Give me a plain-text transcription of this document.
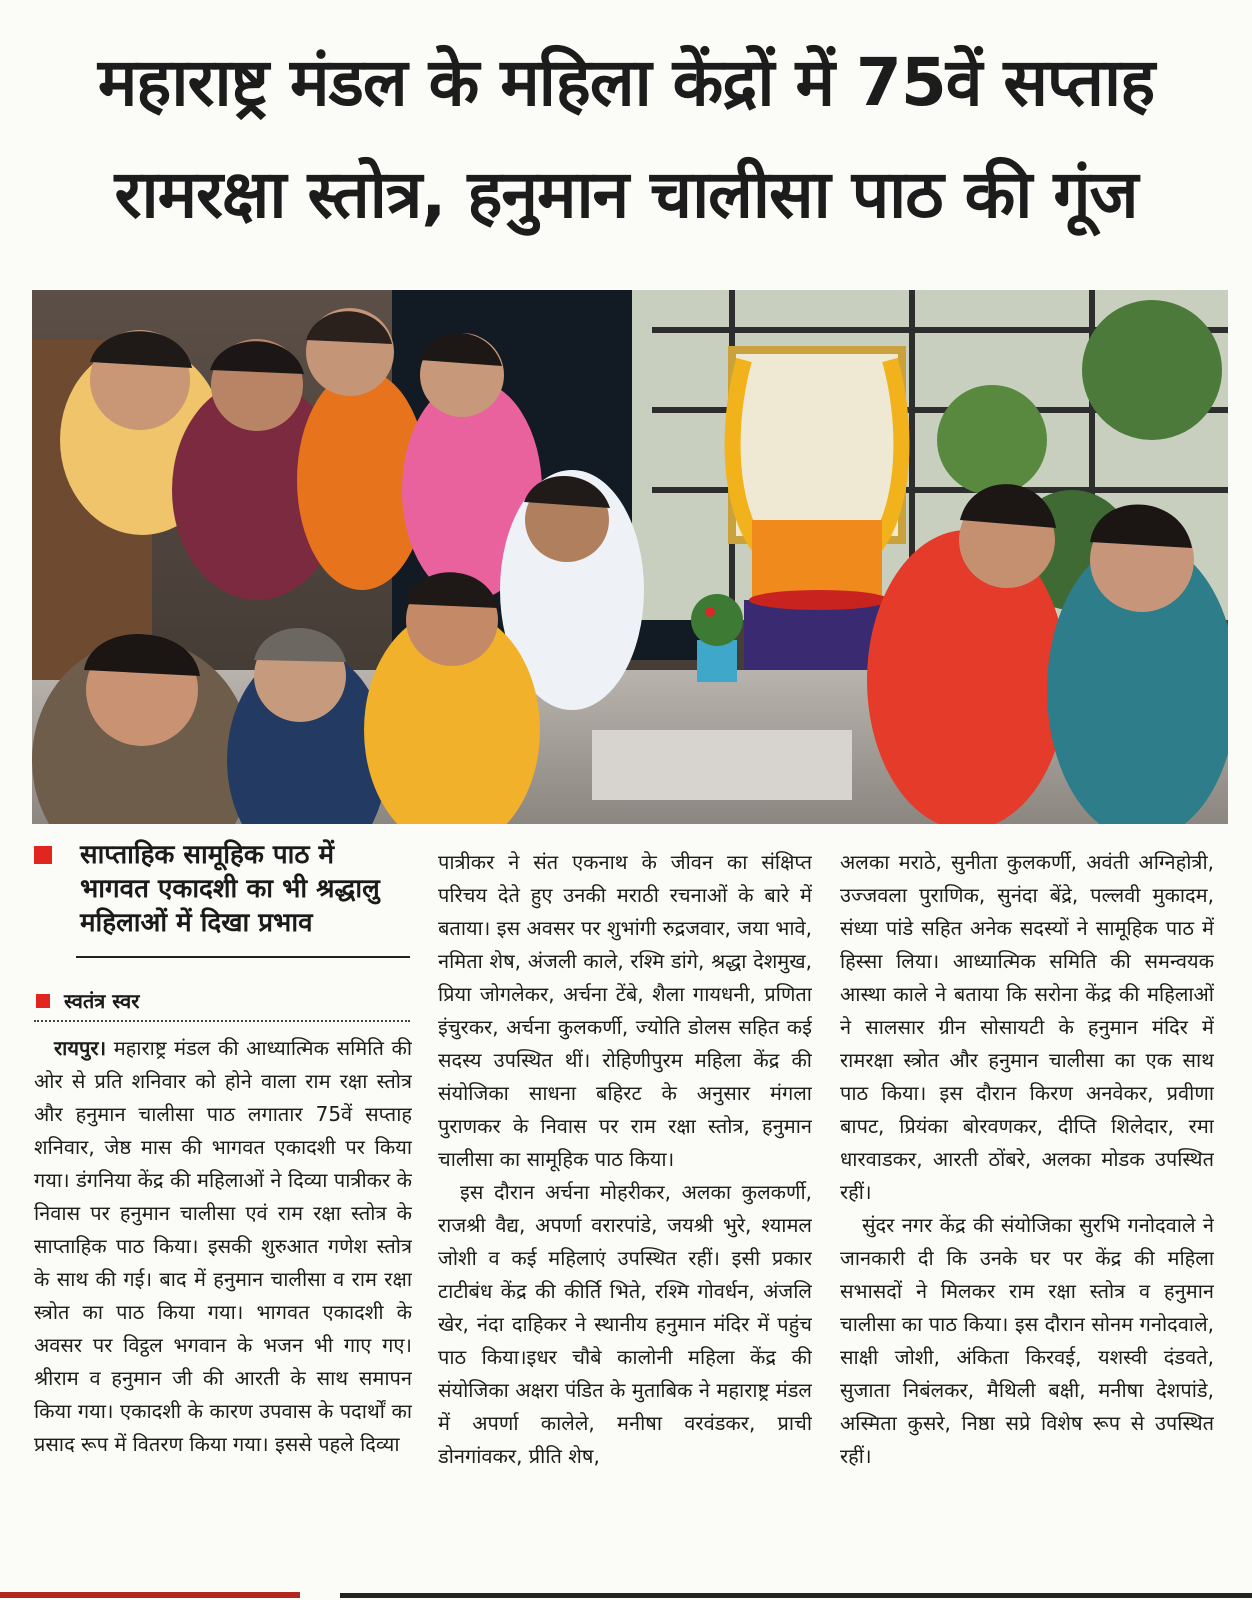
महाराष्ट्र मंडल के महिला केंद्रों में 75वें सप्ताह
रामरक्षा स्तोत्र, हनुमान चालीसा पाठ की गूंज
साप्ताहिक सामूहिक पाठ में भागवत एकादशी का भी श्रद्धालु महिलाओं में दिखा प्रभाव
स्वतंत्र स्वर

रायपुर। महाराष्ट्र मंडल की आध्यात्मिक समिति की ओर से प्रति शनिवार को होने वाला राम रक्षा स्तोत्र और हनुमान चालीसा पाठ लगातार 75वें सप्ताह शनिवार, जेष्ठ मास की भागवत एकादशी पर किया गया। डंगनिया केंद्र की महिलाओं ने दिव्या पात्रीकर के निवास पर हनुमान चालीसा एवं राम रक्षा स्तोत्र के साप्ताहिक पाठ किया। इसकी शुरुआत गणेश स्तोत्र के साथ की गई। बाद में हनुमान चालीसा व राम रक्षा स्त्रोत का पाठ किया गया। भागवत एकादशी के अवसर पर विट्ठल भगवान के भजन भी गाए गए। श्रीराम व हनुमान जी की आरती के साथ समापन किया गया। एकादशी के कारण उपवास के पदार्थों का प्रसाद रूप में वितरण किया गया। इससे पहले दिव्या

पात्रीकर ने संत एकनाथ के जीवन का संक्षिप्त परिचय देते हुए उनकी मराठी रचनाओं के बारे में बताया। इस अवसर पर शुभांगी रुद्रजवार, जया भावे, नमिता शेष, अंजली काले, रश्मि डांगे, श्रद्धा देशमुख, प्रिया जोगलेकर, अर्चना टेंबे, शैला गायधनी, प्रणिता इंचुरकर, अर्चना कुलकर्णी, ज्योति डोलस सहित कई सदस्य उपस्थित थीं। रोहिणीपुरम महिला केंद्र की संयोजिका साधना बहिरट के अनुसार मंगला पुराणकर के निवास पर राम रक्षा स्तोत्र, हनुमान चालीसा का सामूहिक पाठ किया।

इस दौरान अर्चना मोहरीकर, अलका कुलकर्णी, राजश्री वैद्य, अपर्णा वरारपांडे, जयश्री भुरे, श्यामल जोशी व कई महिलाएं उपस्थित रहीं। इसी प्रकार टाटीबंध केंद्र की कीर्ति भिते, रश्मि गोवर्धन, अंजलि खेर, नंदा दाहिकर ने स्थानीय हनुमान मंदिर में पहुंच पाठ किया।इधर चौबे कालोनी महिला केंद्र की संयोजिका अक्षरा पंडित के मुताबिक ने महाराष्ट्र मंडल में अपर्णा कालेले, मनीषा वरवंडकर, प्राची डोनगांवकर, प्रीति शेष,

अलका मराठे, सुनीता कुलकर्णी, अवंती अग्निहोत्री, उज्जवला पुराणिक, सुनंदा बेंद्रे, पल्लवी मुकादम, संध्या पांडे सहित अनेक सदस्यों ने सामूहिक पाठ में हिस्सा लिया। आध्यात्मिक समिति की समन्वयक आस्था काले ने बताया कि सरोना केंद्र की महिलाओं ने सालसार ग्रीन सोसायटी के हनुमान मंदिर में रामरक्षा स्त्रोत और हनुमान चालीसा का एक साथ पाठ किया। इस दौरान किरण अनवेकर, प्रवीणा बापट, प्रियंका बोरवणकर, दीप्ति शिलेदार, रमा धारवाडकर, आरती ठोंबरे, अलका मोडक उपस्थित रहीं।

सुंदर नगर केंद्र की संयोजिका सुरभि गनोदवाले ने जानकारी दी कि उनके घर पर केंद्र की महिला सभासदों ने मिलकर राम रक्षा स्तोत्र व हनुमान चालीसा का पाठ किया। इस दौरान सोनम गनोदवाले, साक्षी जोशी, अंकिता किरवई, यशस्वी दंडवते, सुजाता निबंलकर, मैथिली बक्षी, मनीषा देशपांडे, अस्मिता कुसरे, निष्ठा सप्रे विशेष रूप से उपस्थित रहीं।
